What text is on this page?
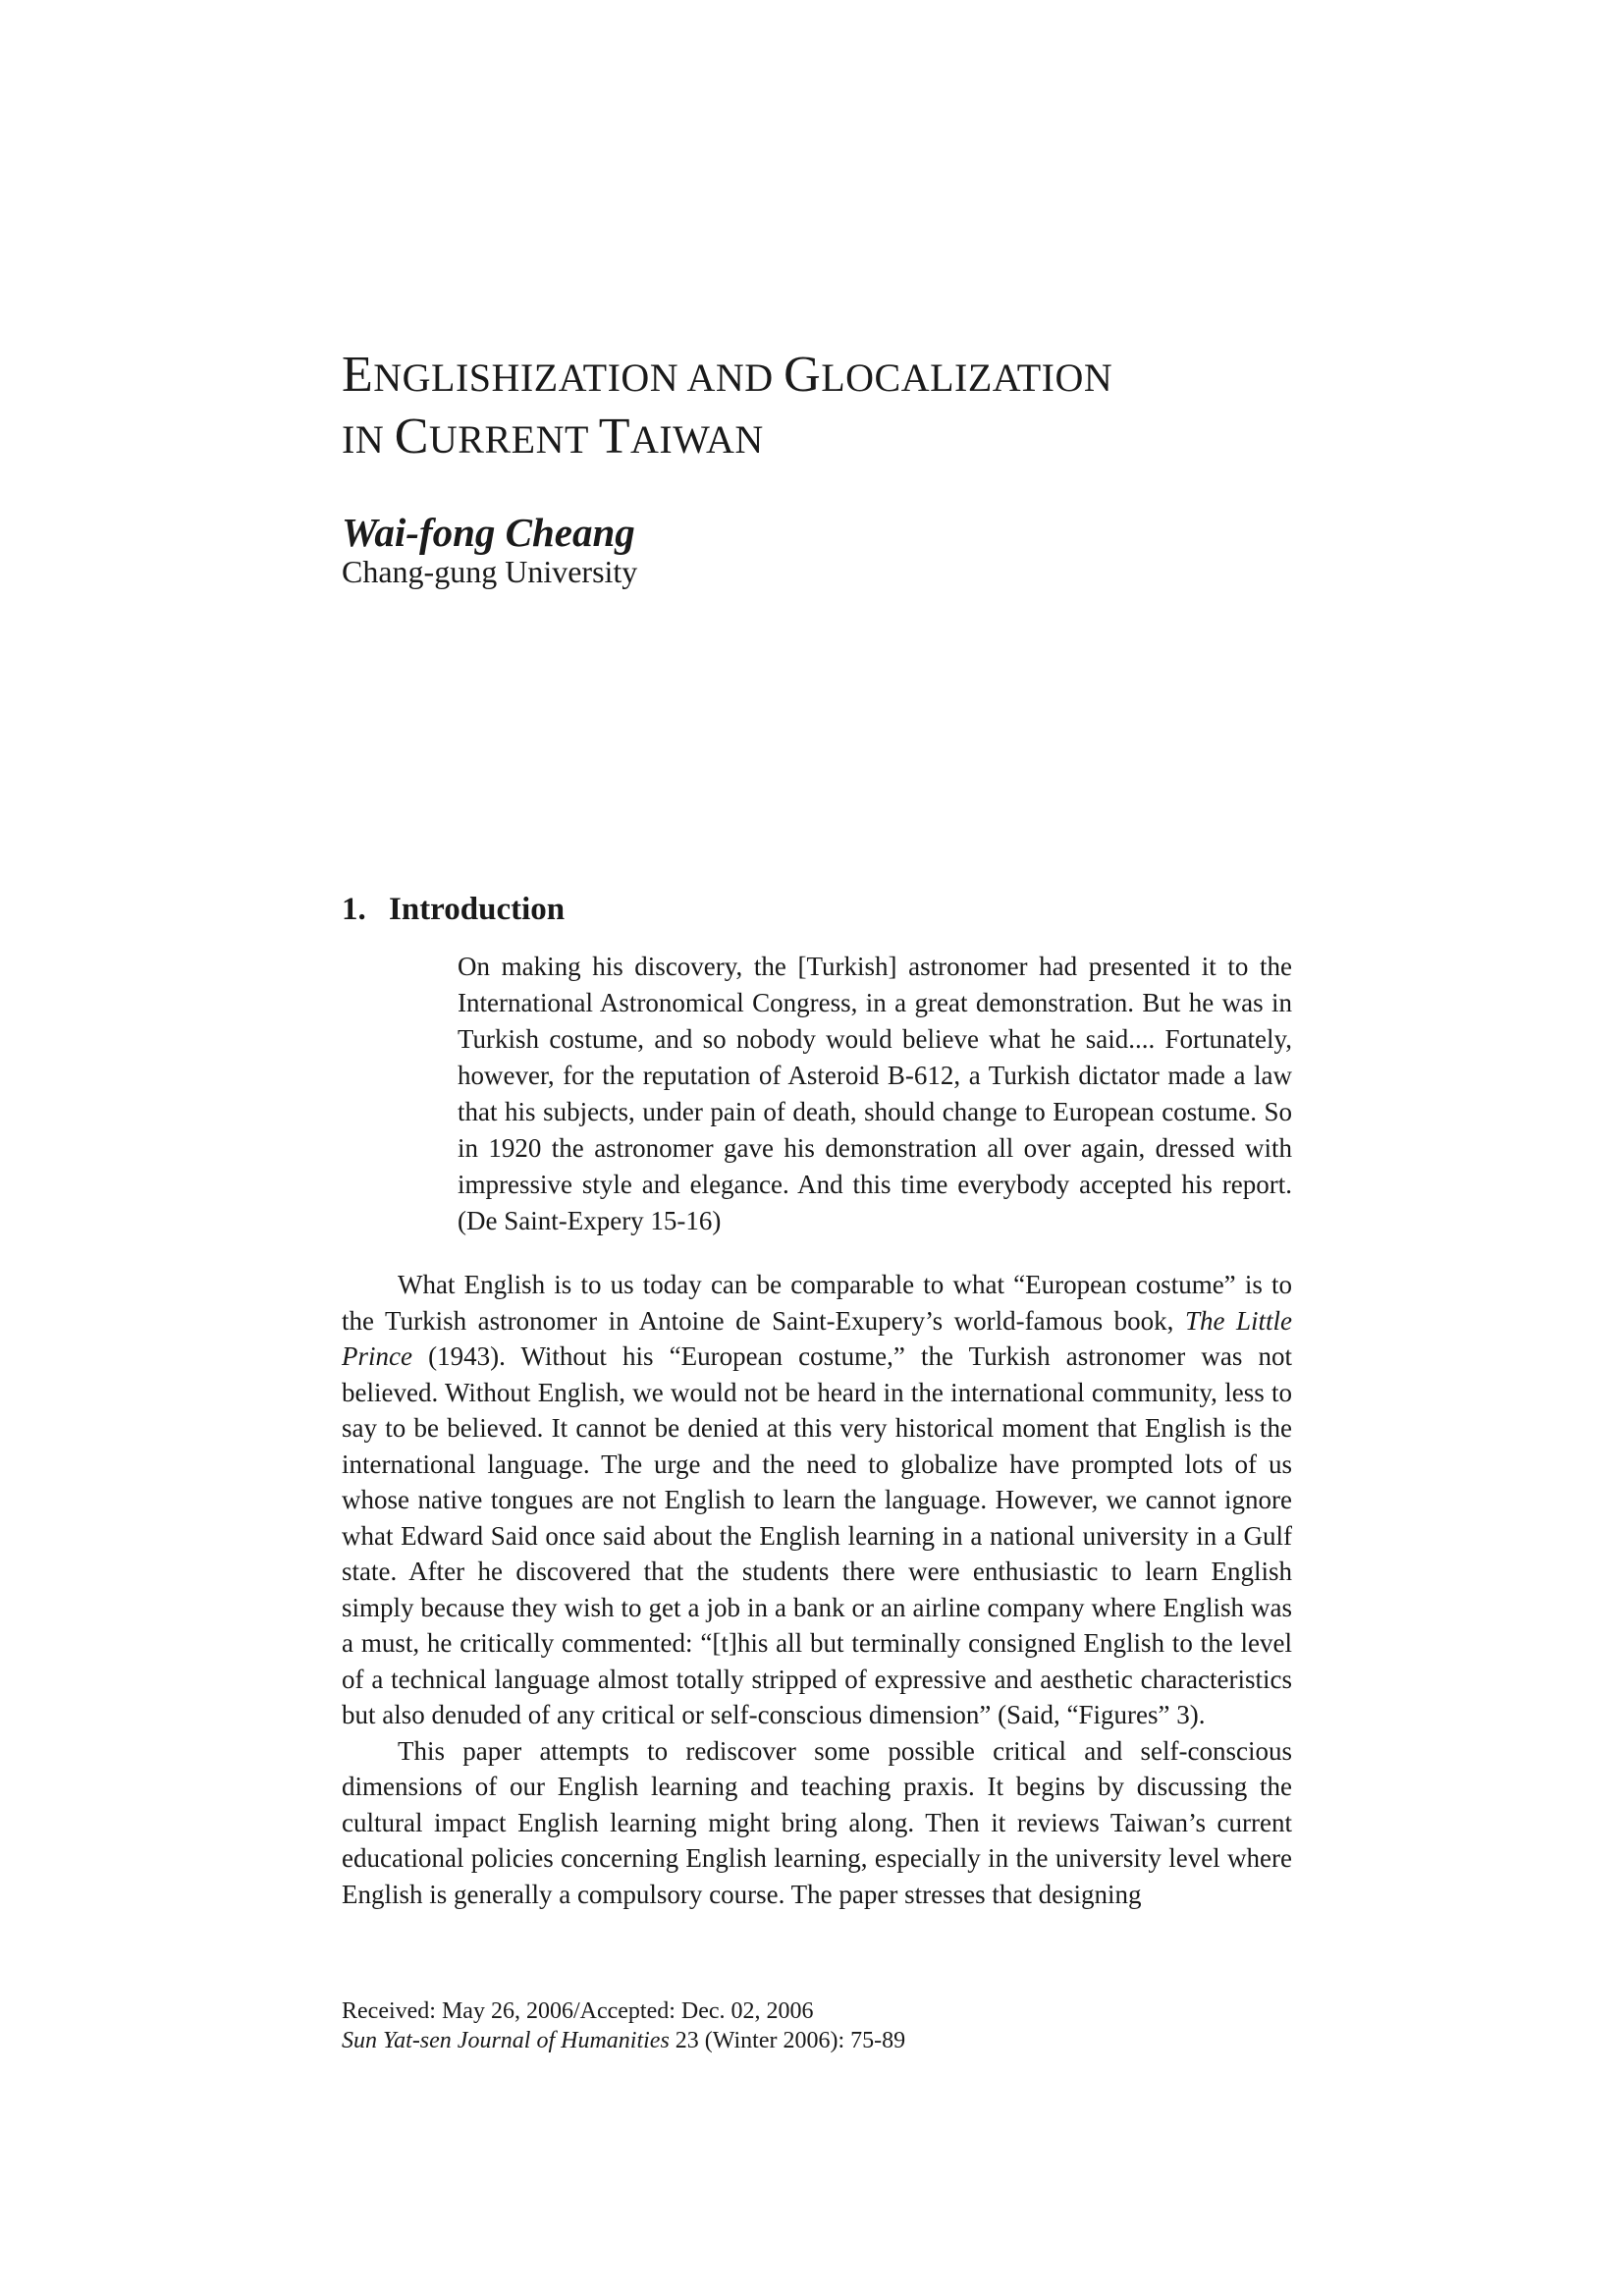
ENGLISHIZATION AND GLOCALIZATION
IN CURRENT TAIWAN
Wai-fong Cheang
Chang-gung University
1. Introduction

On making his discovery, the [Turkish] astronomer had presented it to the International Astronomical Congress, in a great demonstration. But he was in Turkish costume, and so nobody would believe what he said.... Fortunately, however, for the reputation of Asteroid B-612, a Turkish dictator made a law that his subjects, under pain of death, should change to European costume. So in 1920 the astronomer gave his demonstration all over again, dressed with impressive style and elegance. And this time everybody accepted his report. (De Saint-Expery 15-16)

What English is to us today can be comparable to what “European costume” is to the Turkish astronomer in Antoine de Saint-Exupery’s world-famous book, The Little Prince (1943). Without his “European costume,” the Turkish astronomer was not believed. Without English, we would not be heard in the international community, less to say to be believed. It cannot be denied at this very historical moment that English is the international language. The urge and the need to globalize have prompted lots of us whose native tongues are not English to learn the language. However, we cannot ignore what Edward Said once said about the English learning in a national university in a Gulf state. After he discovered that the students there were enthusiastic to learn English simply because they wish to get a job in a bank or an airline company where English was a must, he critically commented: “[t]his all but terminally consigned English to the level of a technical language almost totally stripped of expressive and aesthetic characteristics but also denuded of any critical or self-conscious dimension” (Said, “Figures” 3).

This paper attempts to rediscover some possible critical and self-conscious dimensions of our English learning and teaching praxis. It begins by discussing the cultural impact English learning might bring along. Then it reviews Taiwan’s current educational policies concerning English learning, especially in the university level where English is generally a compulsory course. The paper stresses that designing

Received: May 26, 2006/Accepted: Dec. 02, 2006
Sun Yat-sen Journal of Humanities 23 (Winter 2006): 75-89
